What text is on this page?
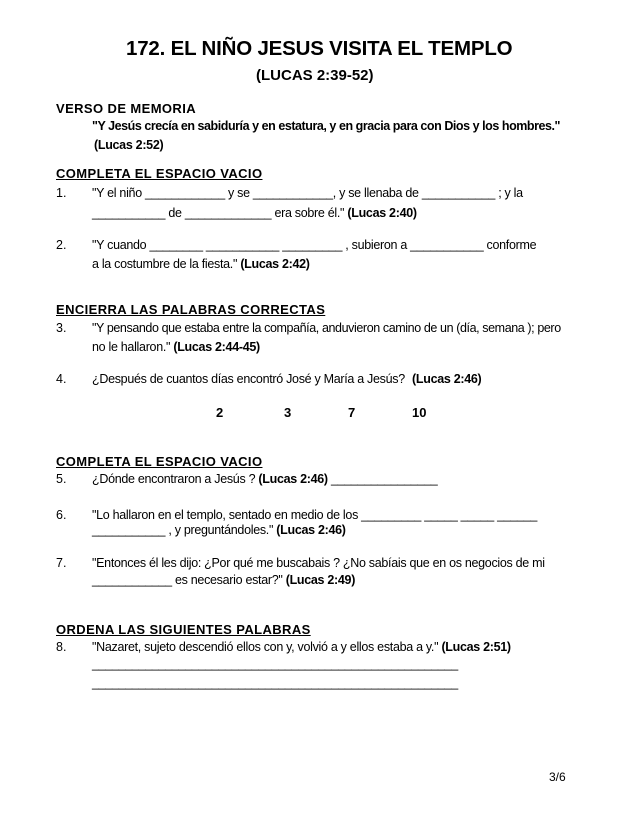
172. EL NIÑO JESUS VISITA EL TEMPLO
(LUCAS 2:39-52)
VERSO DE MEMORIA
"Y Jesús crecía en sabiduría y en estatura, y en gracia para con Dios y los hombres."
(Lucas 2:52)
COMPLETA EL ESPACIO VACIO
1. "Y el niño ____________ y se ____________, y se llenaba de ___________ ; y la
___________ de _____________ era sobre él." (Lucas 2:40)
2. "Y cuando ________ ___________ _________ , subieron a ___________ conforme
a la costumbre de la fiesta." (Lucas 2:42)
ENCIERRA LAS PALABRAS CORRECTAS
3. "Y pensando que estaba entre la compañía, anduvieron camino de un (día, semana ); pero
no le hallaron." (Lucas 2:44-45)
4. ¿Después de cuantos días encontró José y María a Jesús? (Lucas 2:46)
2	3	7	10
COMPLETA EL ESPACIO VACIO
5. ¿Dónde encontraron a Jesús ? (Lucas 2:46) ________________
6. "Lo hallaron en el templo, sentado en medio de los _________ _____ _____ ______
___________ , y preguntándoles." (Lucas 2:46)
7. "Entonces él les dijo: ¿Por qué me buscabais ? ¿No sabíais que en os negocios de mi
____________ es necesario estar?" (Lucas 2:49)
ORDENA LAS SIGUIENTES PALABRAS
8. "Nazaret, sujeto descendió ellos con y, volvió a y ellos estaba a y." (Lucas 2:51)
_______________________________________________________
_______________________________________________________
3/6
